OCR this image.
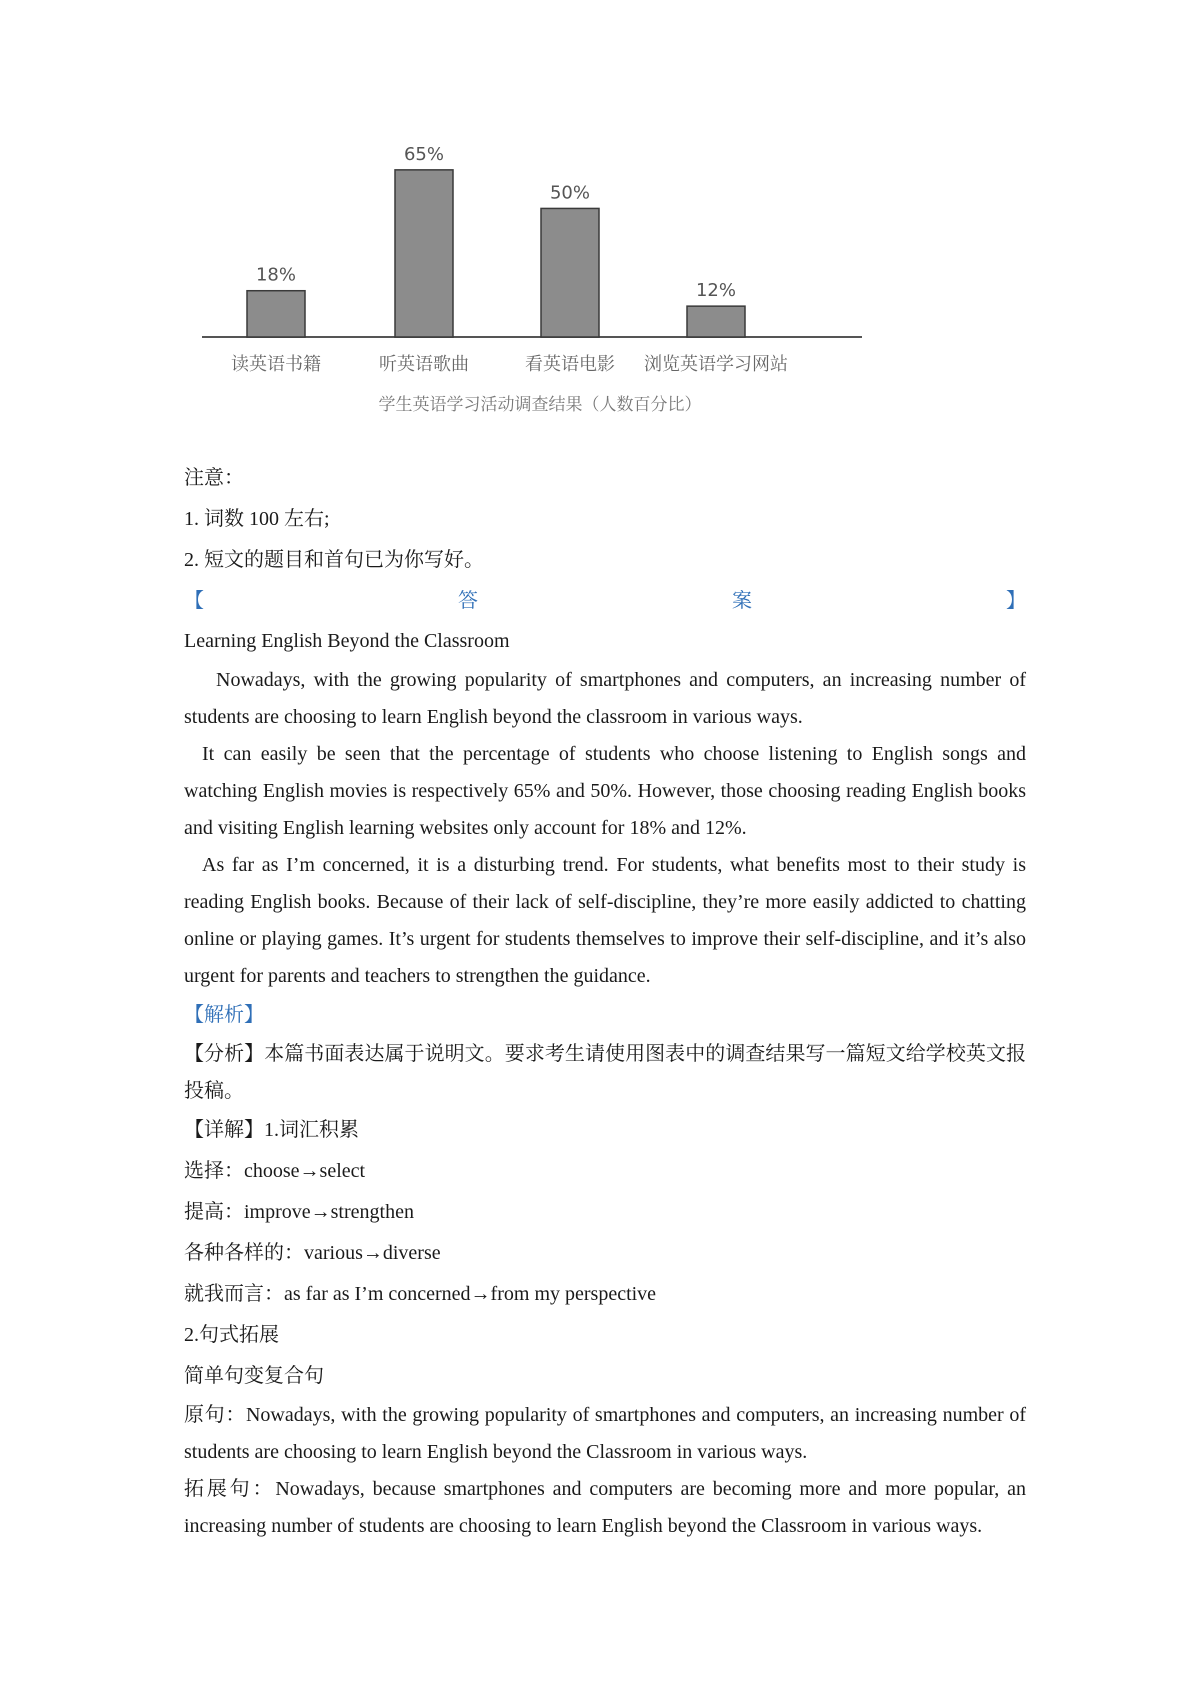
18%
读英语书籍
65%
听英语歌曲
50%
看英语电影
12%
浏览英语学习网站
学生英语学习活动调查结果（人数百分比）
注意：
1. 词数 100 左右;
2. 短文的题目和首句已为你写好。
【	答	案	】
Learning English Beyond the Classroom
Nowadays, with the growing popularity of smartphones and computers, an increasing number of students are choosing to learn English beyond the classroom in various ways.
It can easily be seen that the percentage of students who choose listening to English songs and watching English movies is respectively 65% and 50%. However, those choosing reading English books and visiting English learning websites only account for 18% and 12%.
As far as I’m concerned, it is a disturbing trend. For students, what benefits most to their study is reading English books. Because of their lack of self-discipline, they’re more easily addicted to chatting online or playing games. It’s urgent for students themselves to improve their self-discipline, and it’s also urgent for parents and teachers to strengthen the guidance.
【解析】
【分析】本篇书面表达属于说明文。要求考生请使用图表中的调查结果写一篇短文给学校英文报投稿。
【详解】1.词汇积累
选择：choose→select
提高：improve→strengthen
各种各样的：various→diverse
就我而言：as far as I’m concerned→from my perspective
2.句式拓展
简单句变复合句
原句：Nowadays, with the growing popularity of smartphones and computers, an increasing number of students are choosing to learn English beyond the Classroom in various ways.
拓展句：Nowadays, because smartphones and computers are becoming more and more popular, an increasing number of students are choosing to learn English beyond the Classroom in various ways.
